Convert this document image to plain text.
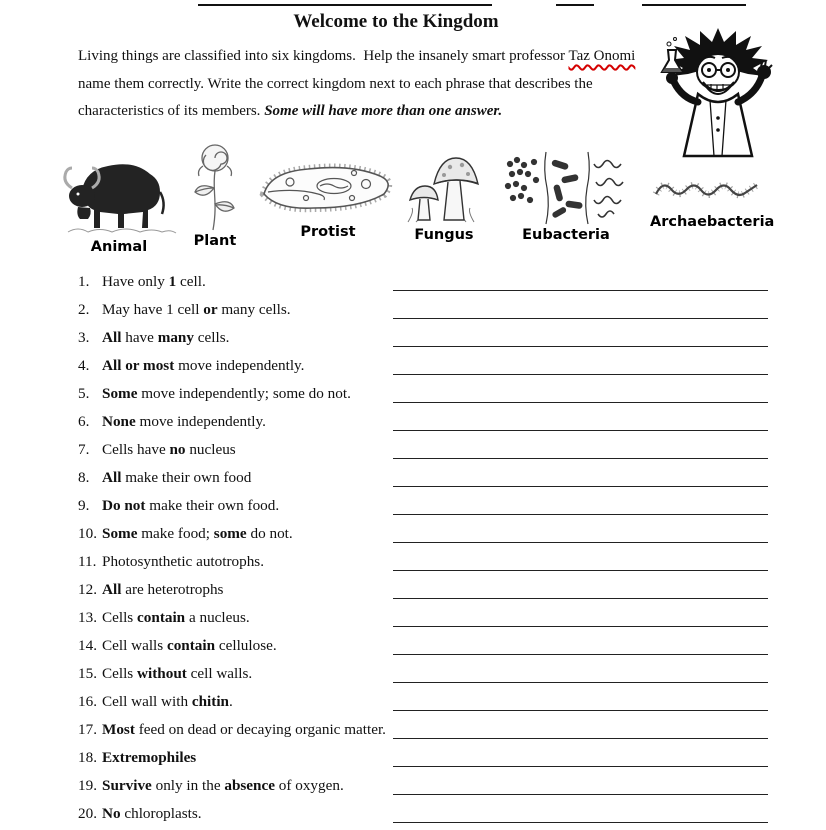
Welcome to the Kingdom
Living things are classified into six kingdoms.  Help the insanely smart professor Taz Onomi name them correctly. Write the correct kingdom next to each phrase that describes the characteristics of its members. Some will have more than one answer.
Animal	Plant
Protist	Fungus	Eubacteria
Archaebacteria
1. Have only 1 cell.
2. May have 1 cell or many cells.
3. All have many cells.
4. All or most move independently.
5. Some move independently; some do not.
6. None move independently.
7. Cells have no nucleus
8. All make their own food
9. Do not make their own food.
10. Some make food; some do not.
11. Photosynthetic autotrophs.
12. All are heterotrophs
13. Cells contain a nucleus.
14. Cell walls contain cellulose.
15. Cells without cell walls.
16. Cell wall with chitin.
17. Most feed on dead or decaying organic matter.
18. Extremophiles
19. Survive only in the absence of oxygen.
20. No chloroplasts.
